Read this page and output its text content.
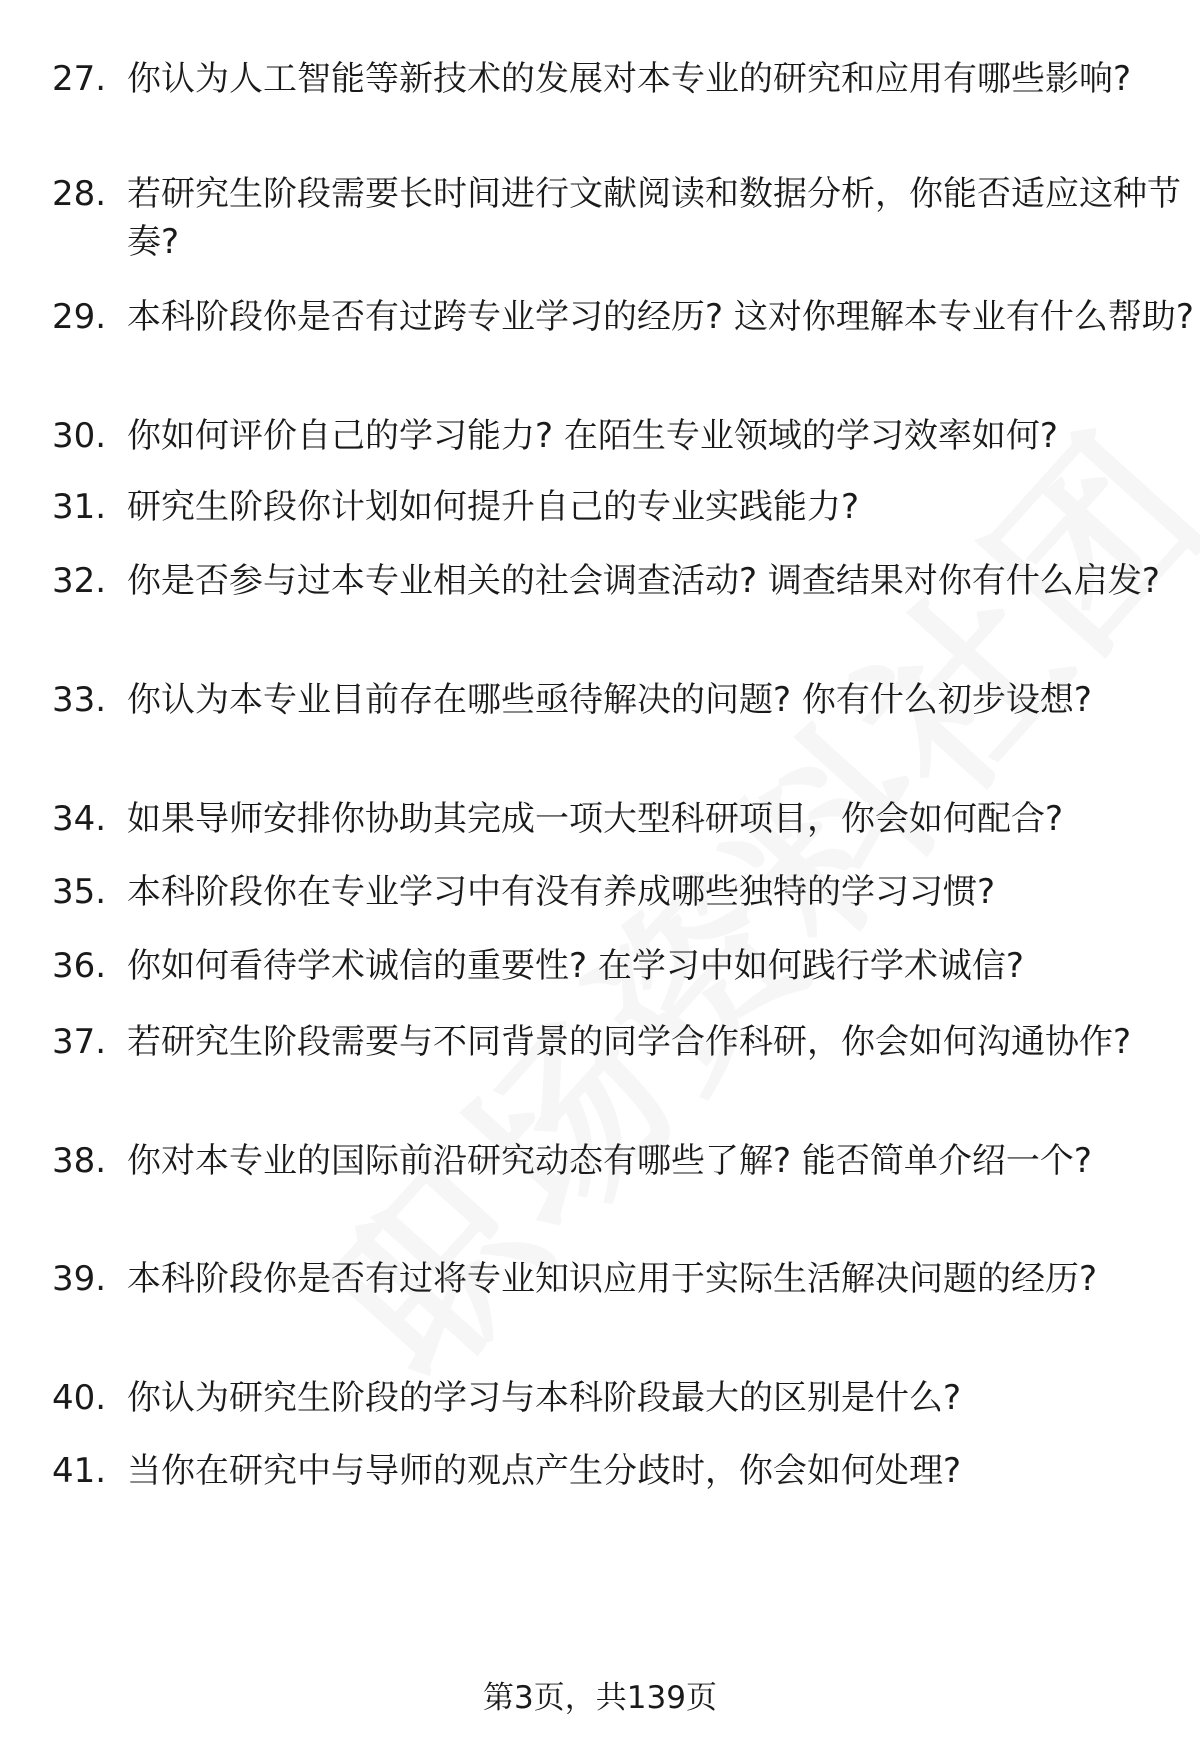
27. 你认为人工智能等新技术的发展对本专业的研究和应用有哪些影响?
28. 若研究生阶段需要长时间进行文献阅读和数据分析，你能否适应这种节奏?
29. 本科阶段你是否有过跨专业学习的经历? 这对你理解本专业有什么帮助?
30. 你如何评价自己的学习能力? 在陌生专业领域的学习效率如何?
31. 研究生阶段你计划如何提升自己的专业实践能力?
32. 你是否参与过本专业相关的社会调查活动? 调查结果对你有什么启发?
33. 你认为本专业目前存在哪些亟待解决的问题? 你有什么初步设想?
34. 如果导师安排你协助其完成一项大型科研项目，你会如何配合?
35. 本科阶段你在专业学习中有没有养成哪些独特的学习习惯?
36. 你如何看待学术诚信的重要性? 在学习中如何践行学术诚信?
37. 若研究生阶段需要与不同背景的同学合作科研，你会如何沟通协作?
38. 你对本专业的国际前沿研究动态有哪些了解? 能否简单介绍一个?
39. 本科阶段你是否有过将专业知识应用于实际生活解决问题的经历?
40. 你认为研究生阶段的学习与本科阶段最大的区别是什么?
41. 当你在研究中与导师的观点产生分歧时，你会如何处理?
第3页，共139页
